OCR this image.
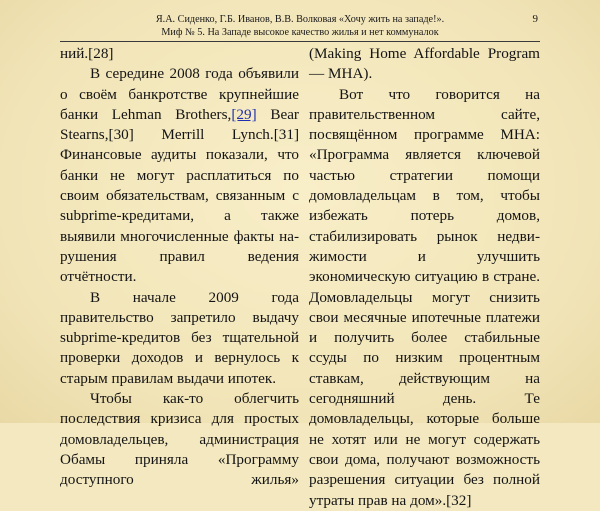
Я.А. Сиденко, Г.Б. Иванов, В.В. Волковая «Хочу жить на западе!».
Миф № 5. На Западе высокое качество жилья и нет коммуналок
9

ний.[28]

В середине 2008 года объявили о своём банкротстве крупнейшие банки Lehman Brothers,[29] Bear Stearns,[30] Merrill Lynch.[31] Финансовые аудиты показали, что банки не могут расплатиться по своим обязательствам, связанным с subprime-кредитами, а также выявили многочисленные факты нарушения правил ведения отчётности.

В начале 2009 года правительство запретило выдачу subprime-кредитов без тщательной проверки доходов и вернулось к старым правилам выдачи ипотек.

Чтобы как-то облегчить последствия кризиса для простых домовладельцев, администрация Обамы приняла «Программу доступного жилья»

(Making Home Affordable Program — MHA).

Вот что говорится на правительственном сайте, посвящённом программе MHA: «Программа является ключевой частью стратегии помощи домовладельцам в том, чтобы избежать потерь домов, стабилизировать рынок недвижимости и улучшить экономическую ситуацию в стране. Домовладельцы могут снизить свои месячные ипотечные платежи и получить более стабильные ссуды по низким процентным ставкам, действующим на сегодняшний день. Те домовладельцы, которые больше не хотят или не могут содержать свои дома, получают возможность разрешения ситуации без полной утраты прав на дом».[32]
